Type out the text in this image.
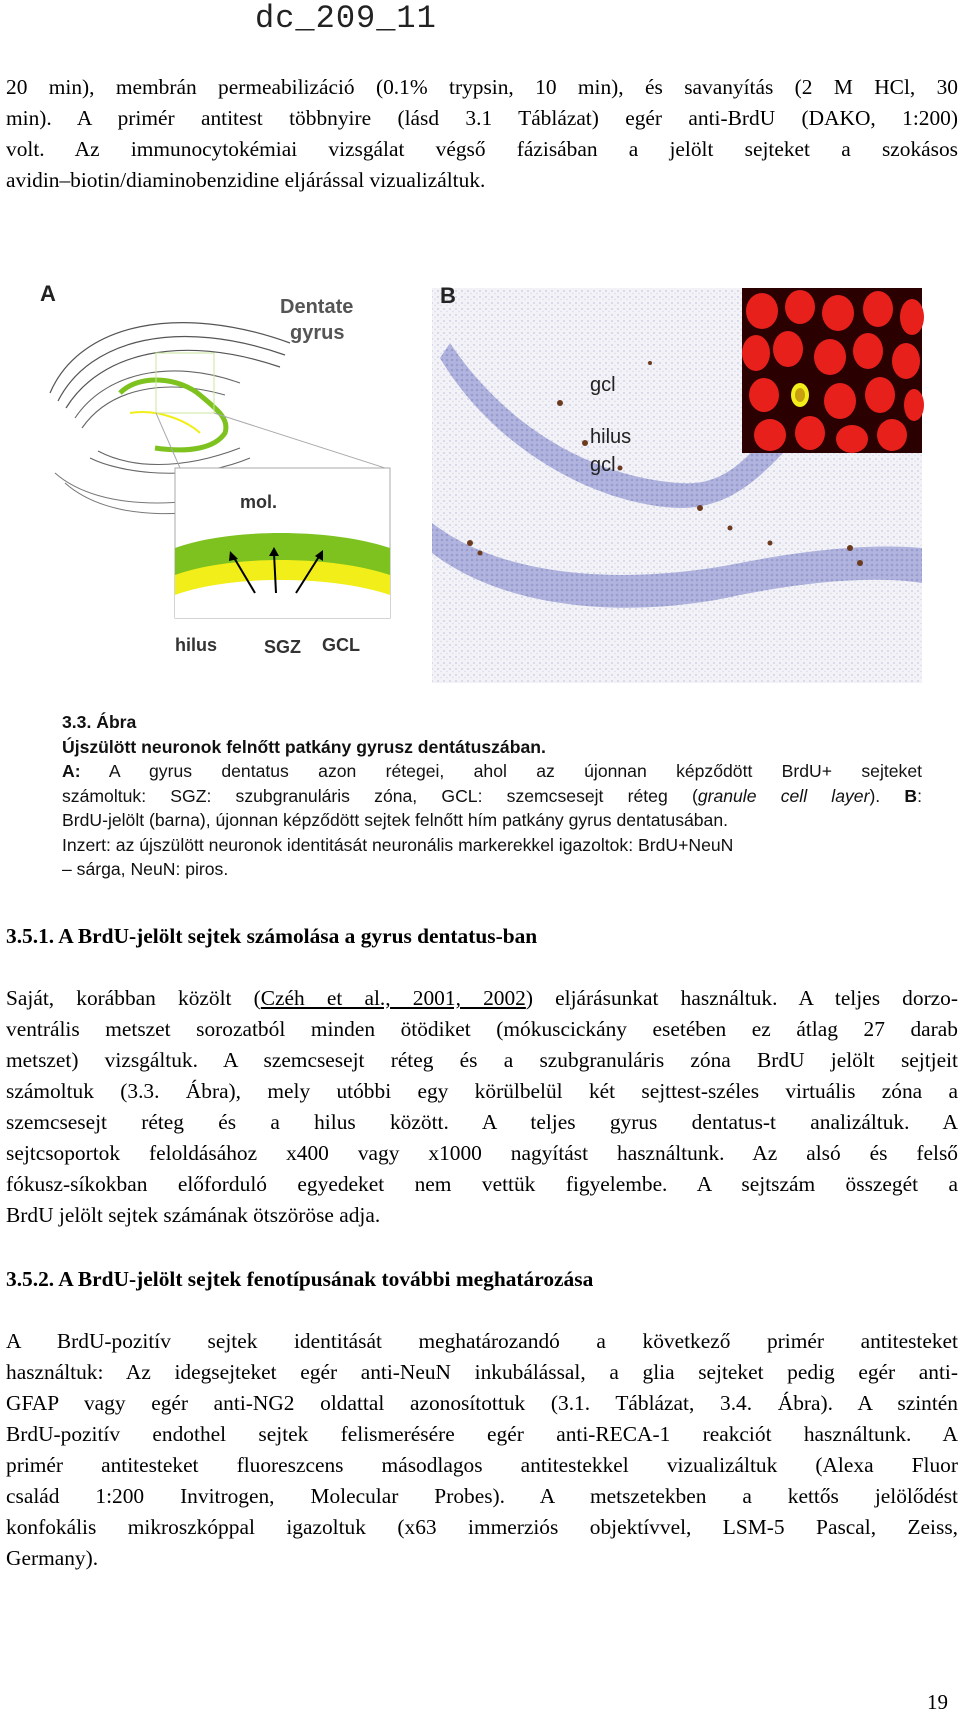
dc_209_11
20 min), membrán permeabilizáció (0.1% trypsin, 10 min), és savanyítás (2 M HCl, 30
min). A primér antitest többnyire (lásd 3.1 Táblázat) egér anti-BrdU (DAKO, 1:200)
volt. Az immunocytokémiai vizsgálat végső fázisában a jelölt sejteket a szokásos
avidin–biotin/diaminobenzidine eljárással vizualizáltuk.
A
Dentate
gyrus
mol.
hilus	SGZ GCL
B
gcl
hilus
gcl
3.3. Ábra
Újszülött neuronok felnőtt patkány gyrusz dentátuszában.
A: A gyrus dentatus azon rétegei, ahol az újonnan képződött BrdU+ sejteket
számoltuk: SGZ: szubgranuláris zóna, GCL: szemcsesejt réteg (granule cell layer). B:
BrdU-jelölt (barna), újonnan képződött sejtek felnőtt hím patkány gyrus dentatusában.
Inzert: az újszülött neuronok identitását neuronális markerekkel igazoltok: BrdU+NeuN
– sárga, NeuN: piros.
3.5.1. A BrdU-jelölt sejtek számolása a gyrus dentatus-ban
Saját, korábban közölt (Czéh et al., 2001, 2002) eljárásunkat használtuk. A teljes dorzo-
ventrális metszet sorozatból minden ötödiket (mókuscickány esetében ez átlag 27 darab
metszet) vizsgáltuk. A szemcsesejt réteg és a szubgranuláris zóna BrdU jelölt sejtjeit
számoltuk (3.3. Ábra), mely utóbbi egy körülbelül két sejttest-széles virtuális zóna a
szemcsesejt réteg és a hilus között. A teljes gyrus dentatus-t analizáltuk. A
sejtcsoportok feloldásához x400 vagy x1000 nagyítást használtunk. Az alsó és felső
fókusz-síkokban előforduló egyedeket nem vettük figyelembe. A sejtszám összegét a
BrdU jelölt sejtek számának ötszöröse adja.
3.5.2. A BrdU-jelölt sejtek fenotípusának további meghatározása
A BrdU-pozitív sejtek identitását meghatározandó a következő primér antitesteket
használtuk: Az idegsejteket egér anti-NeuN inkubálással, a glia sejteket pedig egér anti-
GFAP vagy egér anti-NG2 oldattal azonosítottuk (3.1. Táblázat, 3.4. Ábra). A szintén
BrdU-pozitív endothel sejtek felismerésére egér anti-RECA-1 reakciót használtunk. A
primér antitesteket fluoreszcens másodlagos antitestekkel vizualizáltuk (Alexa Fluor
család 1:200 Invitrogen, Molecular Probes). A metszetekben a kettős jelölődést
konfokális mikroszkóppal igazoltuk (x63 immerziós objektívvel, LSM-5 Pascal, Zeiss,
Germany).
19
